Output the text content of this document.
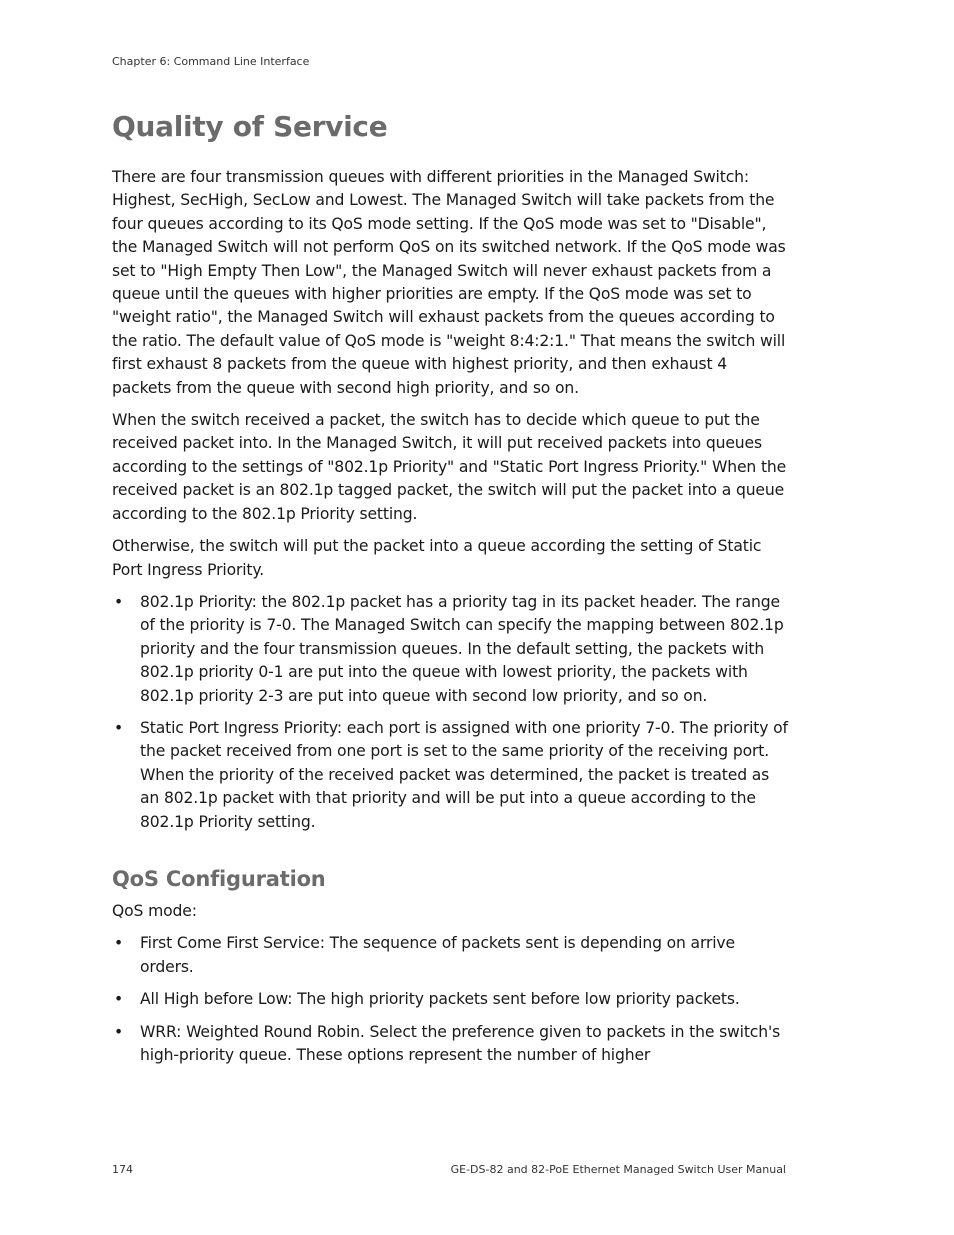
Chapter 6: Command Line Interface
Quality of Service

There are four transmission queues with different priorities in the Managed Switch: Highest, SecHigh, SecLow and Lowest. The Managed Switch will take packets from the four queues according to its QoS mode setting. If the QoS mode was set to "Disable", the Managed Switch will not perform QoS on its switched network. If the QoS mode was set to "High Empty Then Low", the Managed Switch will never exhaust packets from a queue until the queues with higher priorities are empty. If the QoS mode was set to "weight ratio", the Managed Switch will exhaust packets from the queues according to the ratio. The default value of QoS mode is "weight 8:4:2:1." That means the switch will first exhaust 8 packets from the queue with highest priority, and then exhaust 4 packets from the queue with second high priority, and so on.

When the switch received a packet, the switch has to decide which queue to put the received packet into. In the Managed Switch, it will put received packets into queues according to the settings of "802.1p Priority" and "Static Port Ingress Priority." When the received packet is an 802.1p tagged packet, the switch will put the packet into a queue according to the 802.1p Priority setting.

Otherwise, the switch will put the packet into a queue according the setting of Static Port Ingress Priority.

• 802.1p Priority: the 802.1p packet has a priority tag in its packet header. The range of the priority is 7-0. The Managed Switch can specify the mapping between 802.1p priority and the four transmission queues. In the default setting, the packets with 802.1p priority 0-1 are put into the queue with lowest priority, the packets with 802.1p priority 2-3 are put into queue with second low priority, and so on.
• Static Port Ingress Priority: each port is assigned with one priority 7-0. The priority of the packet received from one port is set to the same priority of the receiving port. When the priority of the received packet was determined, the packet is treated as an 802.1p packet with that priority and will be put into a queue according to the 802.1p Priority setting.
QoS Configuration

QoS mode:

• First Come First Service: The sequence of packets sent is depending on arrive orders.
• All High before Low: The high priority packets sent before low priority packets.
• WRR: Weighted Round Robin. Select the preference given to packets in the switch's high-priority queue. These options represent the number of higher
174	GE-DS-82 and 82-PoE Ethernet Managed Switch User Manual
